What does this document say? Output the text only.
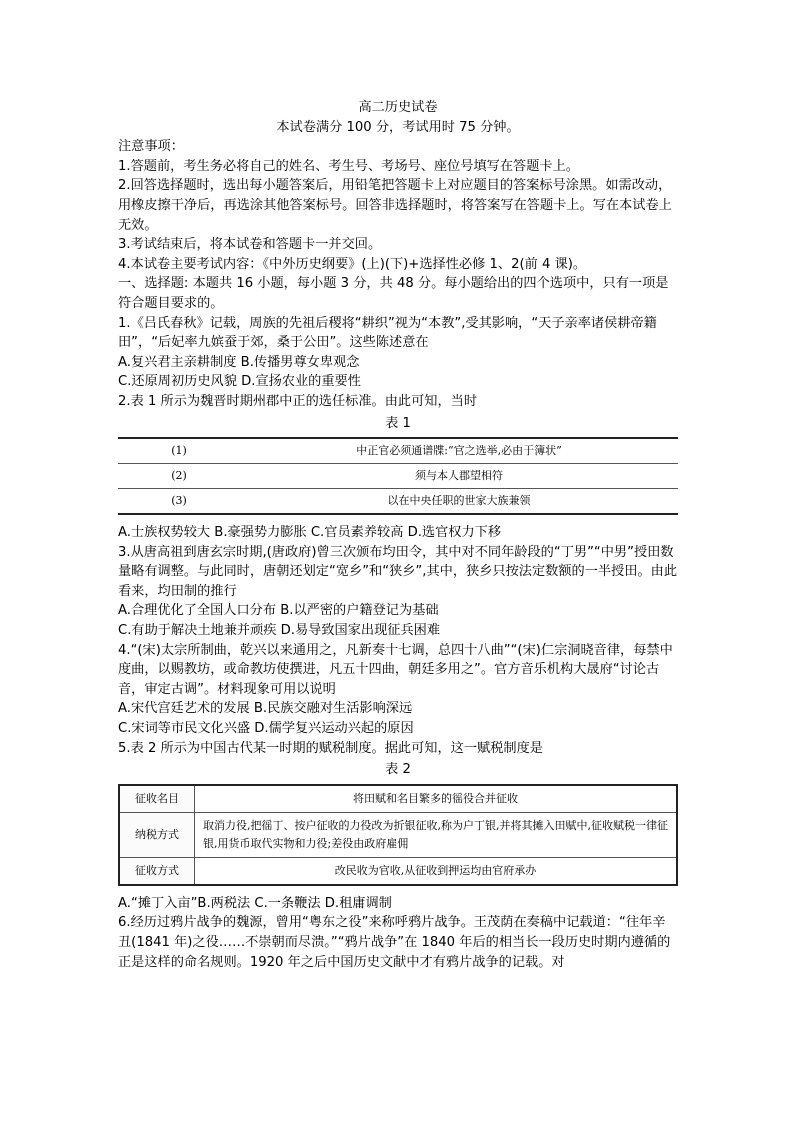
高二历史试卷

本试卷满分 100 分，考试用时 75 分钟。

注意事项：

1.答题前，考生务必将自己的姓名、考生号、考场号、座位号填写在答题卡上。

2.回答选择题时，选出每小题答案后，用铅笔把答题卡上对应题目的答案标号涂黑。如需改动，用橡皮擦干净后，再选涂其他答案标号。回答非选择题时，将答案写在答题卡上。写在本试卷上无效。

3.考试结束后，将本试卷和答题卡一并交回。

4.本试卷主要考试内容：《中外历史纲要》(上)(下)+选择性必修 1、2(前 4 课)。

一、选择题: 本题共 16 小题，每小题 3 分，共 48 分。每小题给出的四个选项中，只有一项是符合题目要求的。

1.《吕氏春秋》记载，周族的先祖后稷将“耕织”视为“本教”,受其影响，“天子亲率诸侯耕帝籍田”，“后妃率九嫔蚕于郊，桑于公田”。这些陈述意在

A.复兴君主亲耕制度 B.传播男尊女卑观念

C.还原周初历史风貌 D.宣扬农业的重要性

2.表 1 所示为魏晋时期州郡中正的选任标准。由此可知，当时

表 1

(1)	中正官必须通谱牒:“官之选举,必由于簿状”
(2)	须与本人郡望相符
(3)	以在中央任职的世家大族兼领

A.士族权势较大 B.豪强势力膨胀 C.官员素养较高 D.选官权力下移

3.从唐高祖到唐玄宗时期,(唐政府)曾三次颁布均田令，其中对不同年龄段的“丁男”“中男”授田数量略有调整。与此同时，唐朝还划定“宽乡”和“狭乡”,其中，狭乡只按法定数额的一半授田。由此看来，均田制的推行

A.合理优化了全国人口分布 B.以严密的户籍登记为基础

C.有助于解决土地兼并顽疾 D.易导致国家出现征兵困难

4.“(宋)太宗所制曲，乾兴以来通用之，凡新奏十七调，总四十八曲”“(宋)仁宗洞晓音律，每禁中度曲，以赐教坊，或命教坊使撰进，凡五十四曲，朝廷多用之”。官方音乐机构大晟府“讨论古音，审定古调”。材料现象可用以说明

A.宋代宫廷艺术的发展 B.民族交融对生活影响深远

C.宋词等市民文化兴盛 D.儒学复兴运动兴起的原因

5.表 2 所示为中国古代某一时期的赋税制度。据此可知，这一赋税制度是

表 2

征收名目	将田赋和名目繁多的徭役合并征收
纳税方式	取消力役,把徭丁、按户征收的力役改为折银征收,称为户丁银,并将其摊入田赋中,征收赋税一律征银,用货币取代实物和力役;差役由政府雇佣
征收方式	改民收为官收,从征收到押运均由官府承办

A.“摊丁入亩”B.两税法 C.一条鞭法 D.租庸调制

6.经历过鸦片战争的魏源，曾用“粤东之役”来称呼鸦片战争。王茂荫在奏稿中记载道：“往年辛丑(1841 年)之役……不崇朝而尽溃。”“鸦片战争”在 1840 年后的相当长一段历史时期内遵循的正是这样的命名规则。1920 年之后中国历史文献中才有鸦片战争的记载。对
